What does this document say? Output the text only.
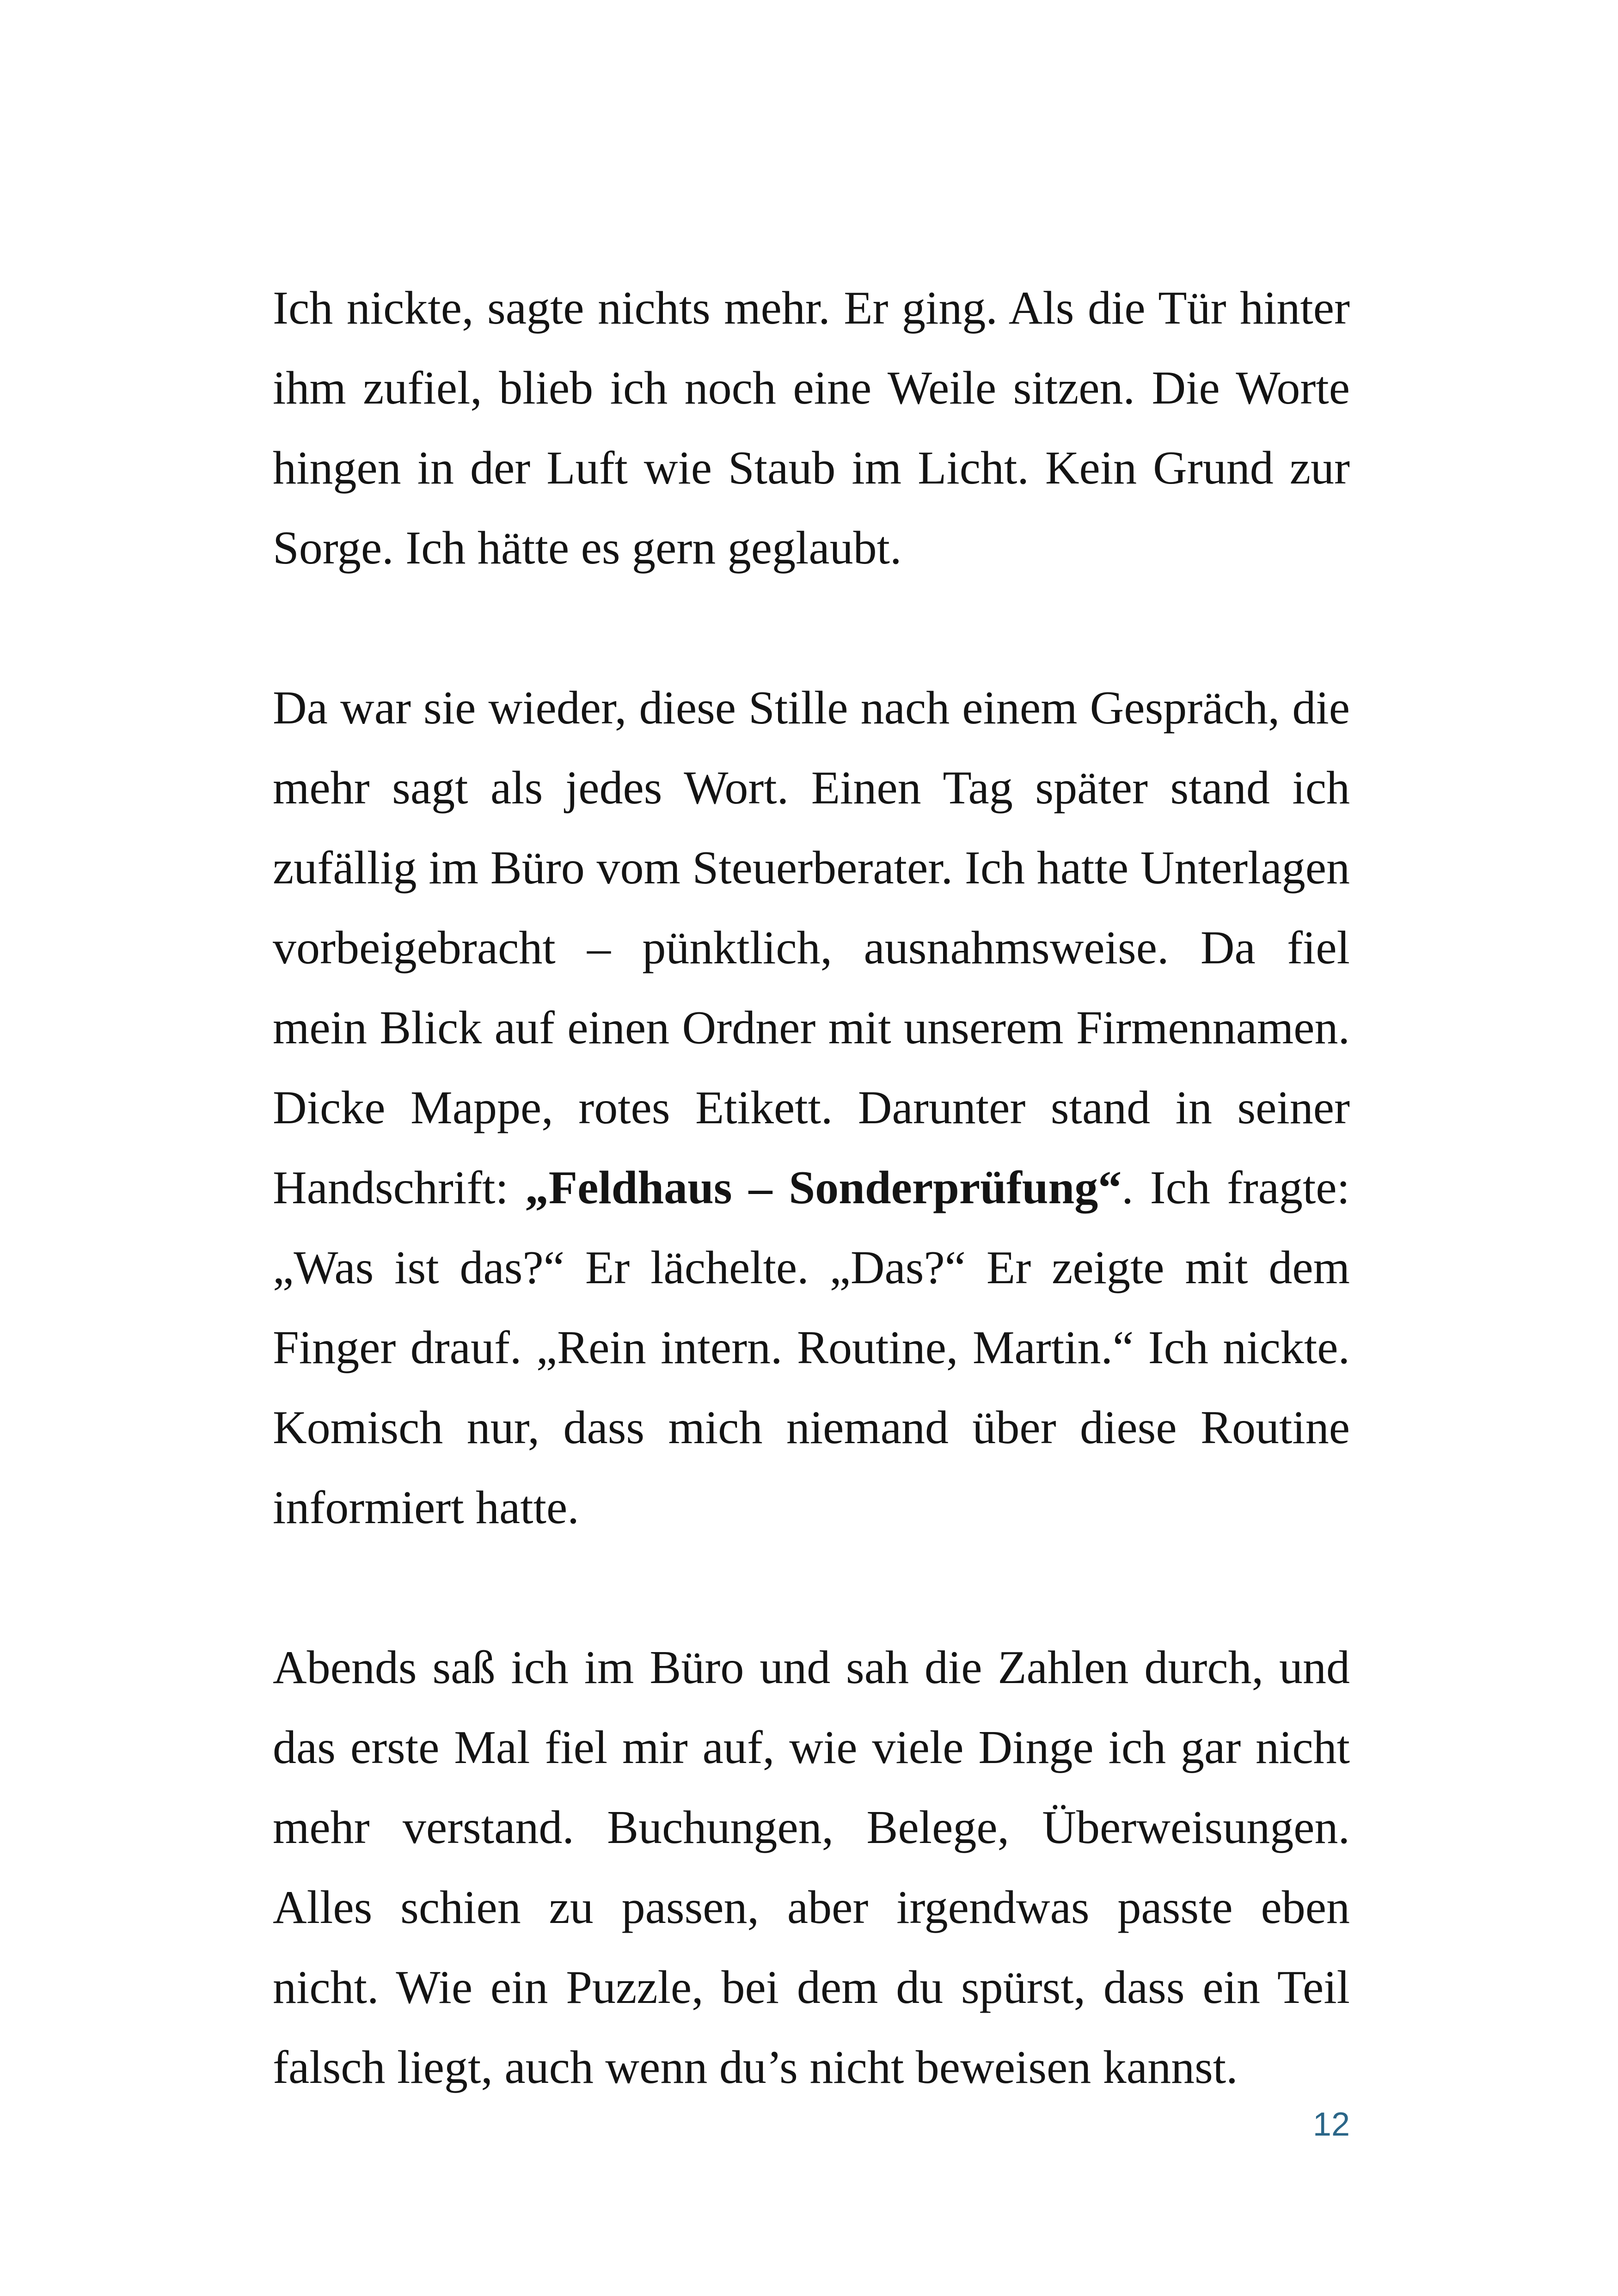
Ich nickte, sagte nichts mehr. Er ging. Als die Tür hinter ihm zufiel, blieb ich noch eine Weile sitzen. Die Worte hingen in der Luft wie Staub im Licht. Kein Grund zur Sorge. Ich hätte es gern geglaubt.

Da war sie wieder, diese Stille nach einem Gespräch, die mehr sagt als jedes Wort. Einen Tag später stand ich zufällig im Büro vom Steuerberater. Ich hatte Unterlagen vorbeigebracht – pünktlich, ausnahmsweise. Da fiel mein Blick auf einen Ordner mit unserem Firmennamen. Dicke Mappe, rotes Etikett. Darunter stand in seiner Handschrift: „Feldhaus – Sonderprüfung“. Ich fragte: „Was ist das?“ Er lächelte. „Das?“ Er zeigte mit dem Finger drauf. „Rein intern. Routine, Martin.“ Ich nickte. Komisch nur, dass mich niemand über diese Routine informiert hatte.

Abends saß ich im Büro und sah die Zahlen durch, und das erste Mal fiel mir auf, wie viele Dinge ich gar nicht mehr verstand. Buchungen, Belege, Überweisungen. Alles schien zu passen, aber irgendwas passte eben nicht. Wie ein Puzzle, bei dem du spürst, dass ein Teil falsch liegt, auch wenn du’s nicht beweisen kannst.

12
